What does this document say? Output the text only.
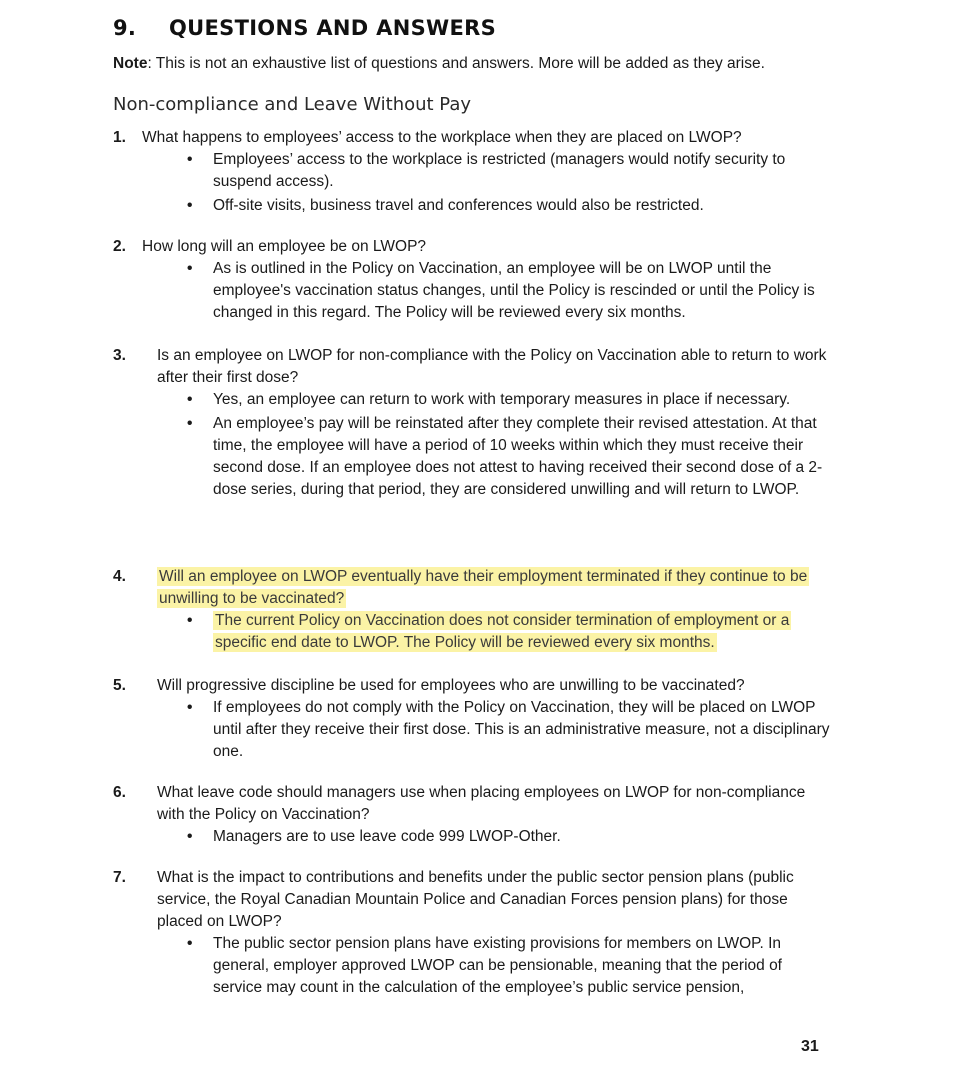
9. QUESTIONS AND ANSWERS
Note: This is not an exhaustive list of questions and answers. More will be added as they arise.
Non-compliance and Leave Without Pay
1. What happens to employees’ access to the workplace when they are placed on LWOP?
• Employees’ access to the workplace is restricted (managers would notify security to suspend access).
• Off-site visits, business travel and conferences would also be restricted.
2. How long will an employee be on LWOP?
• As is outlined in the Policy on Vaccination, an employee will be on LWOP until the employee's vaccination status changes, until the Policy is rescinded or until the Policy is changed in this regard. The Policy will be reviewed every six months.
3. Is an employee on LWOP for non-compliance with the Policy on Vaccination able to return to work after their first dose?
• Yes, an employee can return to work with temporary measures in place if necessary.
• An employee’s pay will be reinstated after they complete their revised attestation. At that time, the employee will have a period of 10 weeks within which they must receive their second dose. If an employee does not attest to having received their second dose of a 2-dose series, during that period, they are considered unwilling and will return to LWOP.
4. Will an employee on LWOP eventually have their employment terminated if they continue to be unwilling to be vaccinated?
• The current Policy on Vaccination does not consider termination of employment or a specific end date to LWOP. The Policy will be reviewed every six months.
5. Will progressive discipline be used for employees who are unwilling to be vaccinated?
• If employees do not comply with the Policy on Vaccination, they will be placed on LWOP until after they receive their first dose. This is an administrative measure, not a disciplinary one.
6. What leave code should managers use when placing employees on LWOP for non-compliance with the Policy on Vaccination?
• Managers are to use leave code 999 LWOP-Other.
7. What is the impact to contributions and benefits under the public sector pension plans (public service, the Royal Canadian Mountain Police and Canadian Forces pension plans) for those placed on LWOP?
• The public sector pension plans have existing provisions for members on LWOP. In general, employer approved LWOP can be pensionable, meaning that the period of service may count in the calculation of the employee’s public service pension,
31
